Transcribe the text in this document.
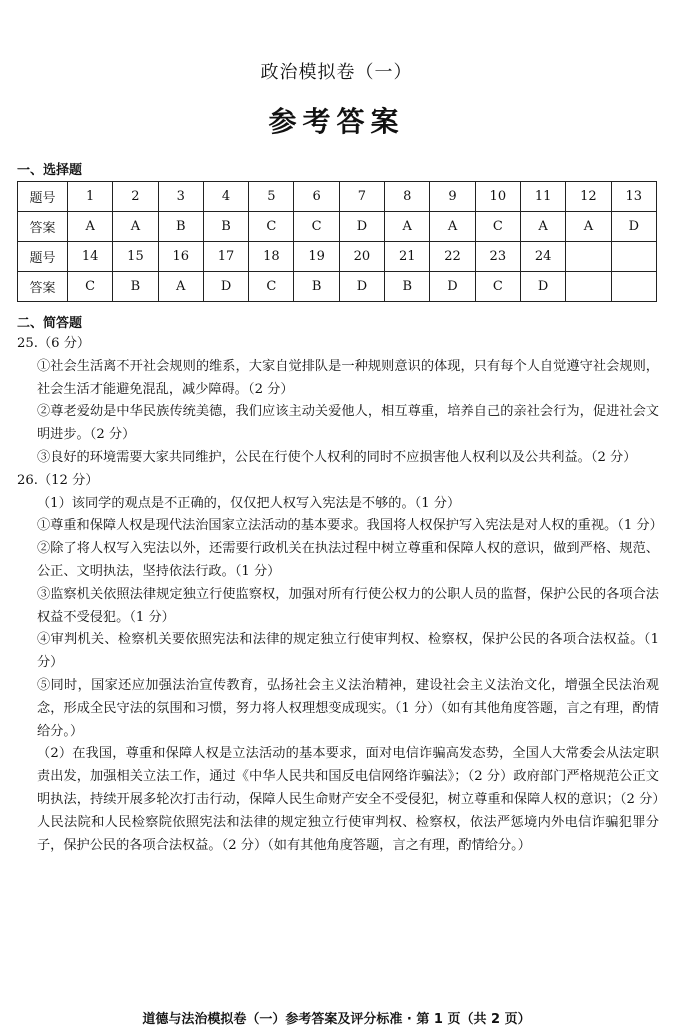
政治模拟卷（一）
参考答案
一、选择题
题号	1	2	3	4	5	6	7	8	9	10	11	12	13
答案	A	A	B	B	C	C	D	A	A	C	A	A	D
题号	14	15	16	17	18	19	20	21	22	23	24		
答案	C	B	A	D	C	B	D	B	D	C	D		
二、简答题

25.（6 分）

①社会生活离不开社会规则的维系，大家自觉排队是一种规则意识的体现，只有每个人自觉遵守社会规则，社会生活才能避免混乱，减少障碍。（2 分）

②尊老爱幼是中华民族传统美德，我们应该主动关爱他人，相互尊重，培养自己的亲社会行为，促进社会文明进步。（2 分）

③良好的环境需要大家共同维护，公民在行使个人权利的同时不应损害他人权利以及公共利益。（2 分）

26.（12 分）

（1）该同学的观点是不正确的，仅仅把人权写入宪法是不够的。（1 分）

①尊重和保障人权是现代法治国家立法活动的基本要求。我国将人权保护写入宪法是对人权的重视。（1 分）

②除了将人权写入宪法以外，还需要行政机关在执法过程中树立尊重和保障人权的意识，做到严格、规范、公正、文明执法，坚持依法行政。（1 分）

③监察机关依照法律规定独立行使监察权，加强对所有行使公权力的公职人员的监督，保护公民的各项合法权益不受侵犯。（1 分）

④审判机关、检察机关要依照宪法和法律的规定独立行使审判权、检察权，保护公民的各项合法权益。（1 分）

⑤同时，国家还应加强法治宣传教育，弘扬社会主义法治精神，建设社会主义法治文化，增强全民法治观念，形成全民守法的氛围和习惯，努力将人权理想变成现实。（1 分）（如有其他角度答题，言之有理，酌情给分。）

（2）在我国，尊重和保障人权是立法活动的基本要求，面对电信诈骗高发态势，全国人大常委会从法定职责出发，加强相关立法工作，通过《中华人民共和国反电信网络诈骗法》；（2 分）政府部门严格规范公正文明执法，持续开展多轮次打击行动，保障人民生命财产安全不受侵犯，树立尊重和保障人权的意识；（2 分）人民法院和人民检察院依照宪法和法律的规定独立行使审判权、检察权，依法严惩境内外电信诈骗犯罪分子，保护公民的各项合法权益。（2 分）（如有其他角度答题，言之有理，酌情给分。）

道德与法治模拟卷（一）参考答案及评分标准 · 第 1 页（共 2 页）
